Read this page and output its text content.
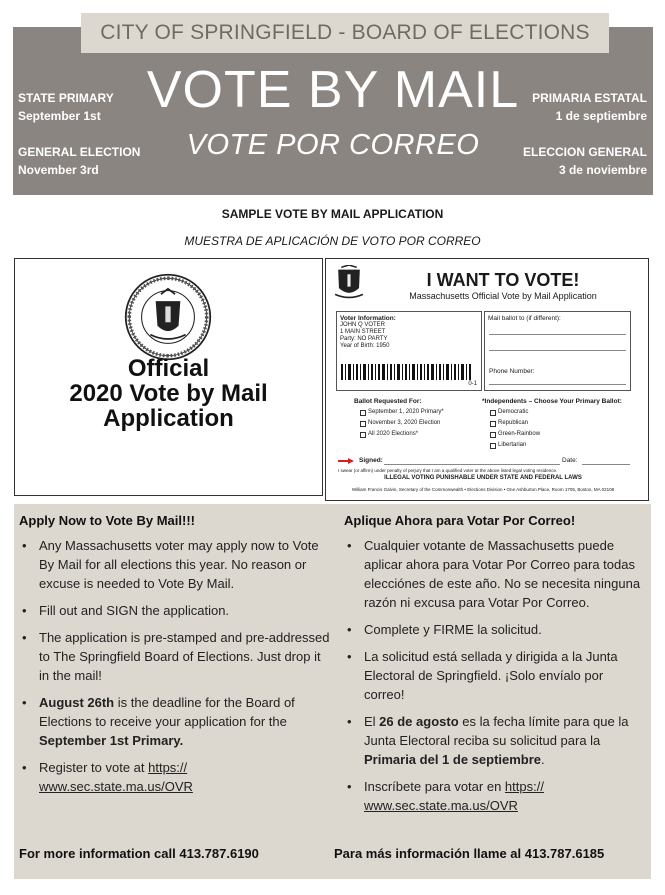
CITY OF SPRINGFIELD - BOARD OF ELECTIONS
VOTE BY MAIL
VOTE POR CORREO
STATE PRIMARY
September 1st
GENERAL ELECTION
November 3rd
PRIMARIA ESTATAL
1 de septiembre
ELECCION GENERAL
3 de noviembre
SAMPLE VOTE BY MAIL APPLICATION
MUESTRA DE APLICACIÓN DE VOTO POR CORREO
Official
2020 Vote by Mail
Application
I WANT TO VOTE!
Massachusetts Official Vote by Mail Application
Voter Information:
JOHN Q VOTER
1 MAIN STREET
Party: NO PARTY
Year of Birth: 1950
0-1
Mail ballot to (if different):
Phone Number:
Ballot Requested For:	*Independents – Choose Your Primary Ballot:
September 1, 2020 Primary*
November 3, 2020 Election
All 2020 Elections*
Democratic
Republican
Green-Rainbow
Libertarian
Signed:	Date:
I swear (or affirm) under penalty of perjury that I am a qualified voter at the above listed legal voting residence.
ILLEGAL VOTING PUNISHABLE UNDER STATE AND FEDERAL LAWS
William Francis Galvin, Secretary of the Commonwealth • Elections Division • One Ashburton Place, Room 1705, Boston, MA 02108
Apply Now to Vote By Mail!!!
• Any Massachusetts voter may apply now to Vote By Mail for all elections this year. No reason or excuse is needed to Vote By Mail.
• Fill out and SIGN the application.
• The application is pre-stamped and pre-addressed to The Springfield Board of Elections. Just drop it in the mail!
• August 26th is the deadline for the Board of Elections to receive your application for the September 1st Primary.
• Register to vote at https:// www.sec.state.ma.us/OVR
Aplique Ahora para Votar Por Correo!
• Cualquier votante de Massachusetts puede aplicar ahora para Votar Por Correo para todas elecciónes de este año. No se necesita ninguna razón ni excusa para Votar Por Correo.
• Complete y FIRME la solicitud.
• La solicitud está sellada y dirigida a la Junta Electoral de Springfield. ¡Solo envíalo por correo!
• El 26 de agosto es la fecha límite para que la Junta Electoral reciba su solicitud para la Primaria del 1 de septiembre.
• Inscríbete para votar en https:// www.sec.state.ma.us/OVR
For more information call 413.787.6190	Para más información llame al 413.787.6185
